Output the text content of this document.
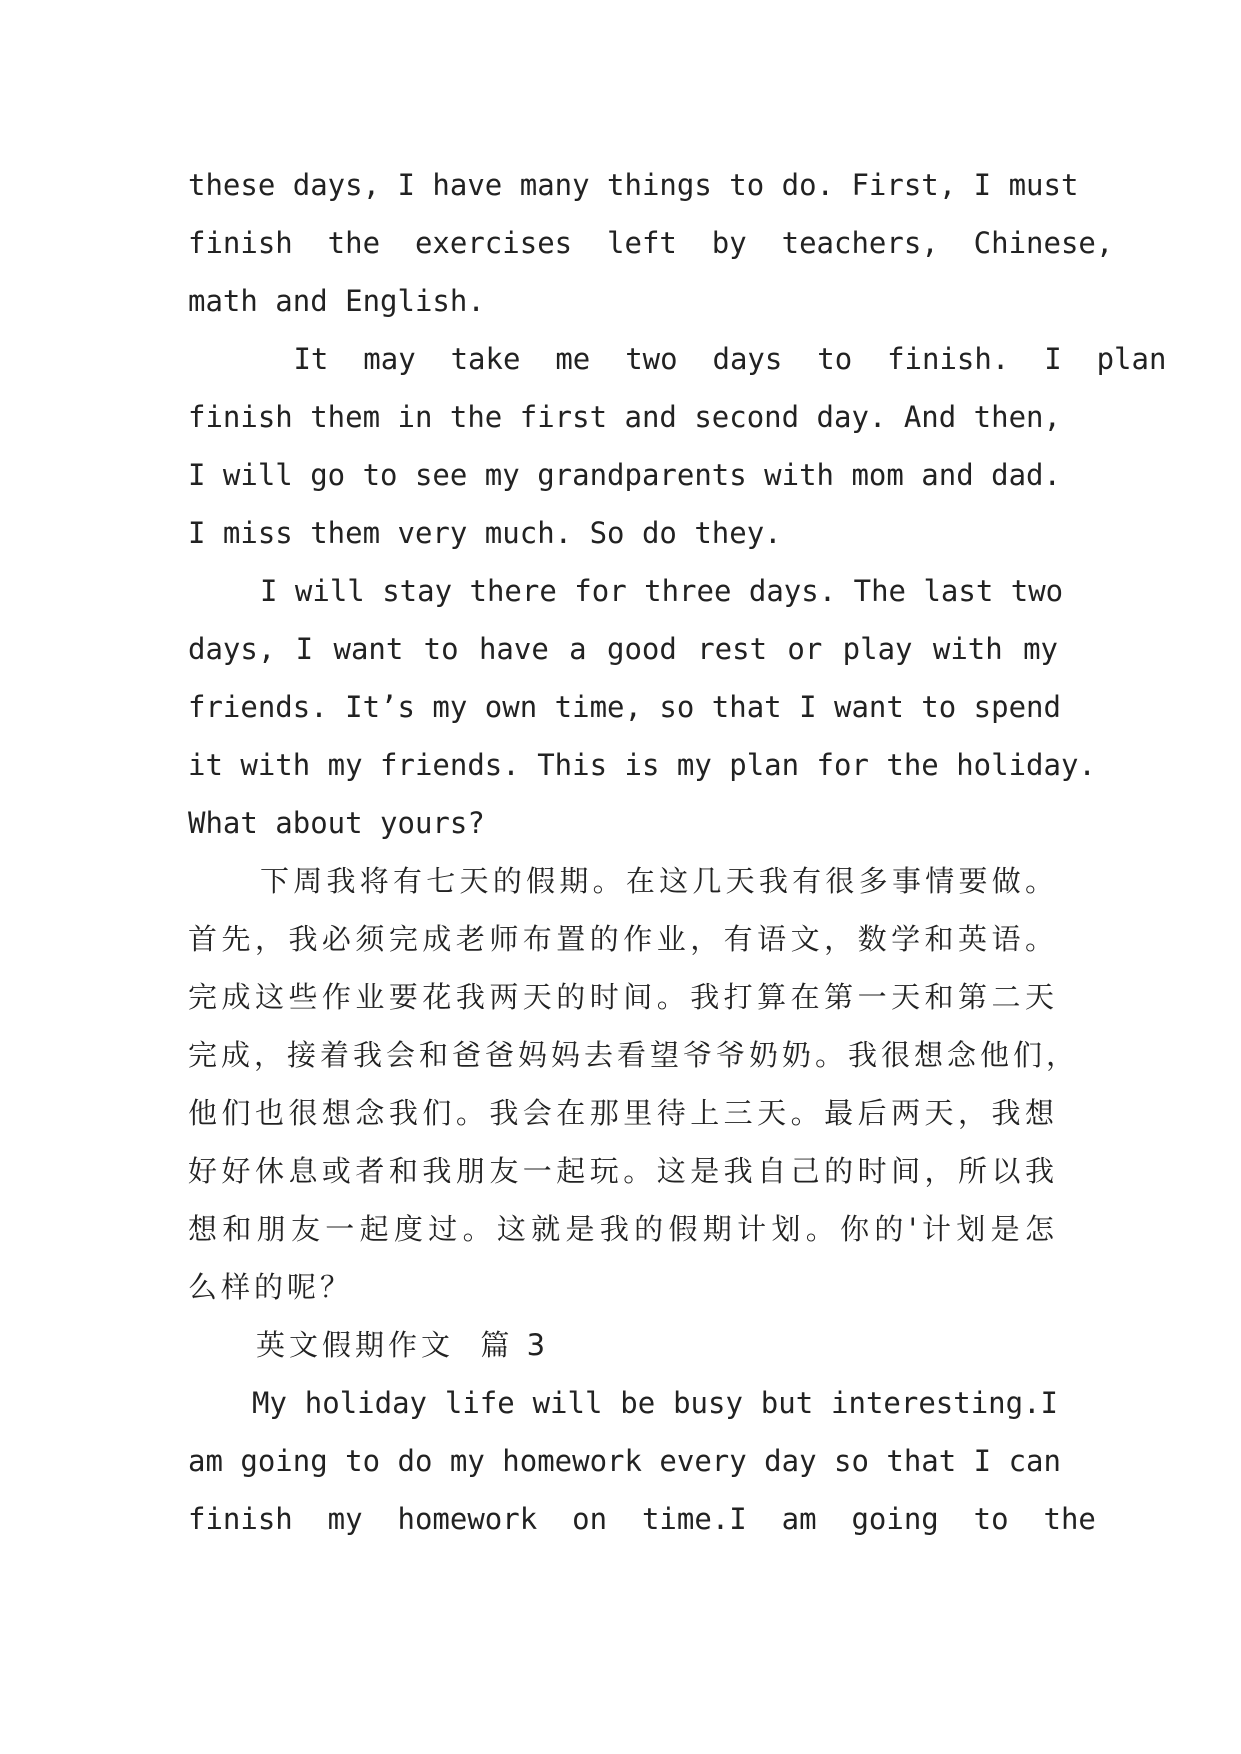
these days, I have many things to do. First, I must
finish  the  exercises  left  by  teachers,  Chinese,
math and English.
It  may  take  me  two  days  to  finish.  I  plan
finish them in the first and second day. And then,
I will go to see my grandparents with mom and dad.
I miss them very much. So do they.
I will stay there for three days. The last two
days, I want to have a good rest or play with my
friends. It’s my own time, so that I want to spend
it with my friends. This is my plan for the holiday.
What about yours?
下周我将有七天的假期。在这几天我有很多事情要做。
首先，我必须完成老师布置的作业，有语文，数学和英语。
完成这些作业要花我两天的时间。我打算在第一天和第二天
完成，接着我会和爸爸妈妈去看望爷爷奶奶。我很想念他们，
他们也很想念我们。我会在那里待上三天。最后两天，我想
好好休息或者和我朋友一起玩。这是我自己的时间，所以我
想和朋友一起度过。这就是我的假期计划。你的'计划是怎
么样的呢？
英文假期作文  篇 3
My holiday life will be busy but interesting.I
am going to do my homework every day so that I can
finish  my  homework  on  time.I  am  going  to  the
